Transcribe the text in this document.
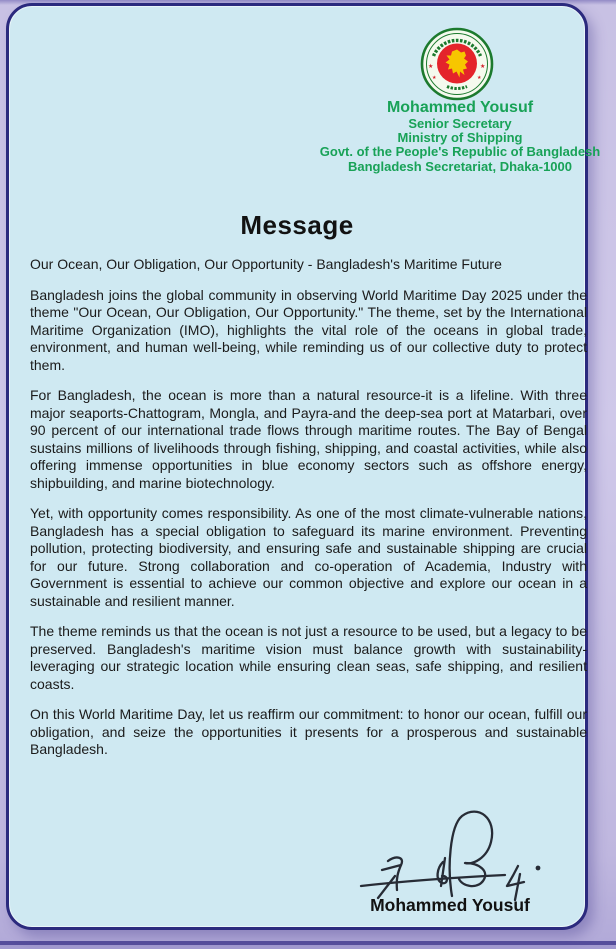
★	★
★	★
Mohammed Yousuf
Senior Secretary
Ministry of Shipping
Govt. of the People's Republic of Bangladesh
Bangladesh Secretariat, Dhaka-1000
Message

Our Ocean, Our Obligation, Our Opportunity - Bangladesh's Maritime Future

Bangladesh joins the global community in observing World Maritime Day 2025 under the theme "Our Ocean, Our Obligation, Our Opportunity." The theme, set by the International Maritime Organization (IMO), highlights the vital role of the oceans in global trade, environment, and human well-being, while reminding us of our collective duty to protect them.

For Bangladesh, the ocean is more than a natural resource-it is a lifeline. With three major seaports-Chattogram, Mongla, and Payra-and the deep-sea port at Matarbari, over 90 percent of our international trade flows through maritime routes. The Bay of Bengal sustains millions of livelihoods through fishing, shipping, and coastal activities, while also offering immense opportunities in blue economy sectors such as offshore energy, shipbuilding, and marine biotechnology.

Yet, with opportunity comes responsibility. As one of the most climate-vulnerable nations, Bangladesh has a special obligation to safeguard its marine environment. Preventing pollution, protecting biodiversity, and ensuring safe and sustainable shipping are crucial for our future. Strong collaboration and co-operation of Academia, Industry with Government is essential to achieve our common objective and explore our ocean in a sustainable and resilient manner.

The theme reminds us that the ocean is not just a resource to be used, but a legacy to be preserved. Bangladesh's maritime vision must balance growth with sustainability-leveraging our strategic location while ensuring clean seas, safe shipping, and resilient coasts.

On this World Maritime Day, let us reaffirm our commitment: to honor our ocean, fulfill our obligation, and seize the opportunities it presents for a prosperous and sustainable Bangladesh.

Mohammed Yousuf
